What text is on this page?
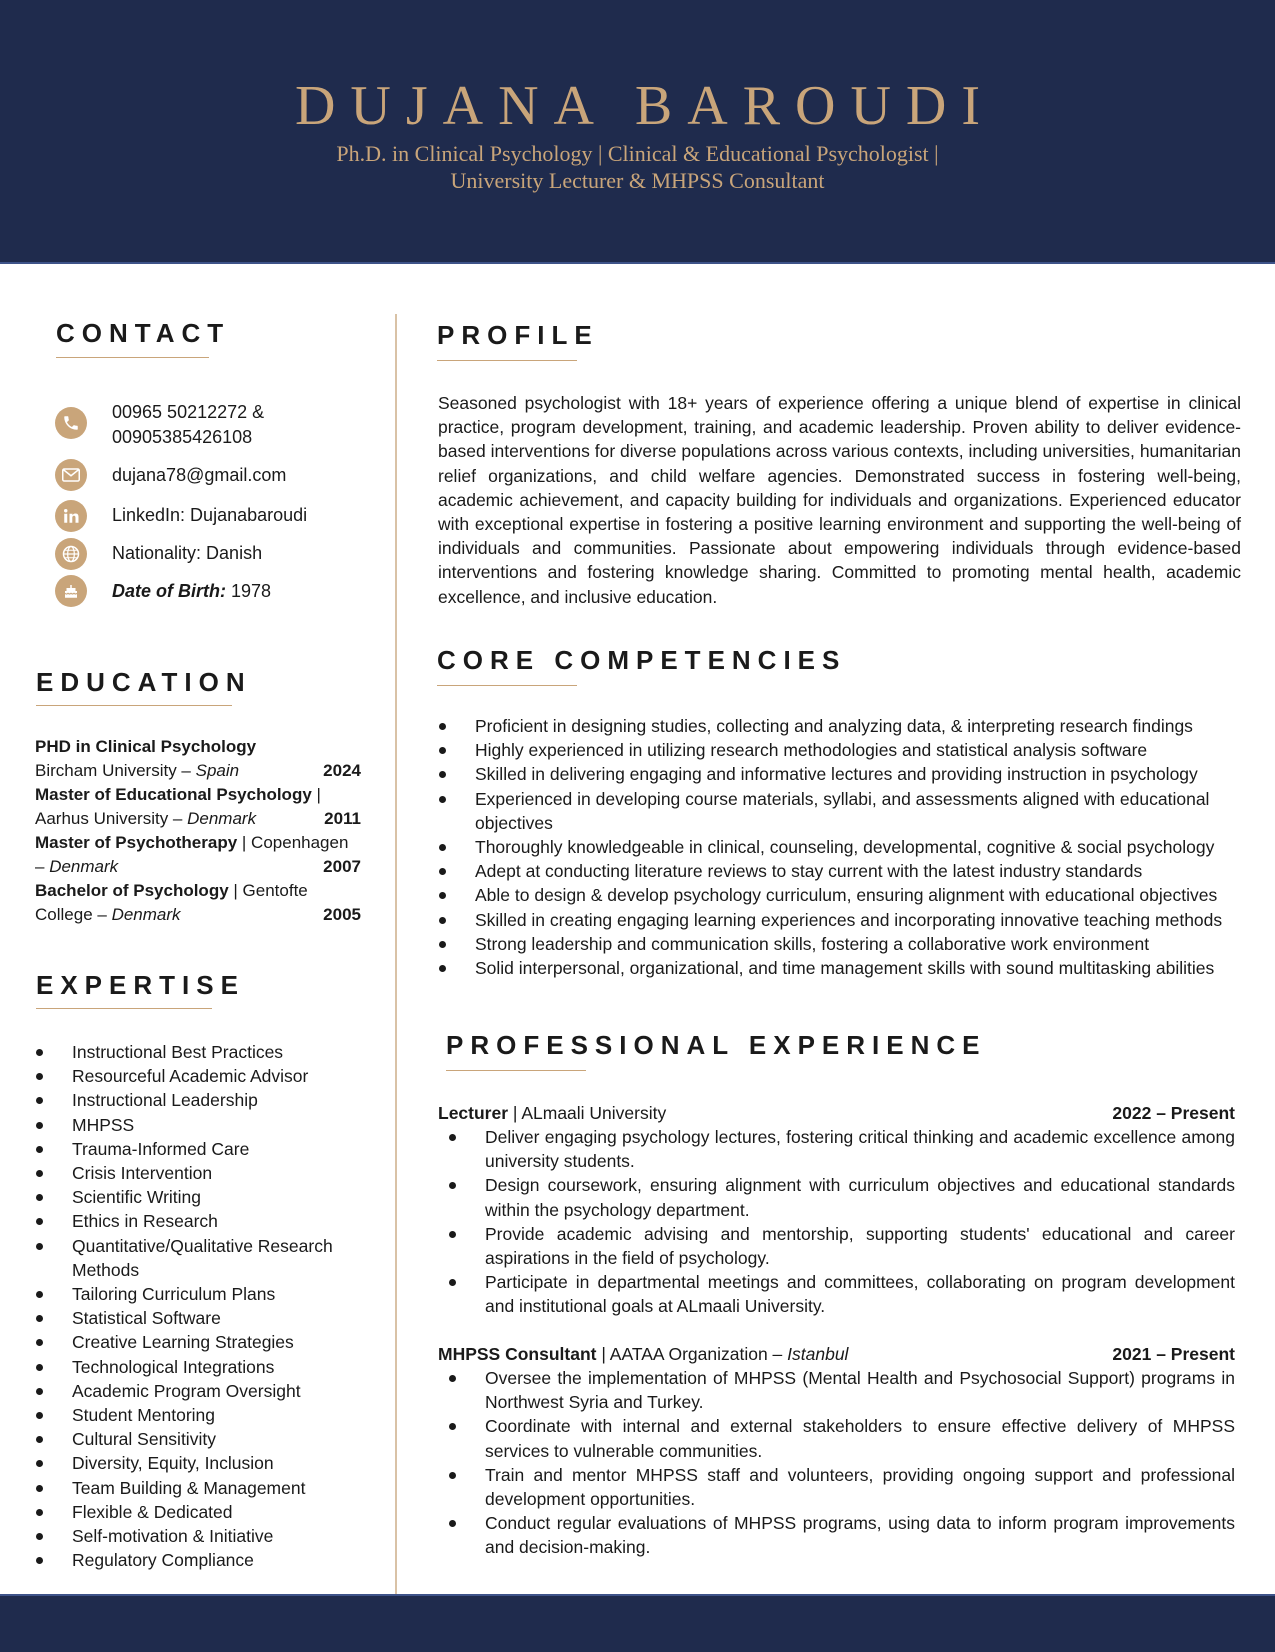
DUJANA BAROUDI
Ph.D. in Clinical Psychology | Clinical & Educational Psychologist |
University Lecturer & MHPSS Consultant
CONTACT
00965 50212272 &
00905385426108
dujana78@gmail.com
LinkedIn: Dujanabaroudi
Nationality: Danish
Date of Birth: 1978
EDUCATION
PHD in Clinical Psychology
Bircham University – Spain	2024
Master of Educational Psychology |
Aarhus University – Denmark	2011
Master of Psychotherapy | Copenhagen
– Denmark	2007
Bachelor of Psychology | Gentofte
College – Denmark	2005
EXPERTISE
Instructional Best Practices
Resourceful Academic Advisor
Instructional Leadership
MHPSS
Trauma-Informed Care
Crisis Intervention
Scientific Writing
Ethics in Research
Quantitative/Qualitative Research Methods
Tailoring Curriculum Plans
Statistical Software
Creative Learning Strategies
Technological Integrations
Academic Program Oversight
Student Mentoring
Cultural Sensitivity
Diversity, Equity, Inclusion
Team Building & Management
Flexible & Dedicated
Self-motivation & Initiative
Regulatory Compliance
PROFILE
Seasoned psychologist with 18+ years of experience offering a unique blend of expertise in clinical practice, program development, training, and academic leadership. Proven ability to deliver evidence-based interventions for diverse populations across various contexts, including universities, humanitarian relief organizations, and child welfare agencies. Demonstrated success in fostering well-being, academic achievement, and capacity building for individuals and organizations. Experienced educator with exceptional expertise in fostering a positive learning environment and supporting the well-being of individuals and communities. Passionate about empowering individuals through evidence-based interventions and fostering knowledge sharing. Committed to promoting mental health, academic excellence, and inclusive education.
CORE COMPETENCIES
Proficient in designing studies, collecting and analyzing data, & interpreting research findings
Highly experienced in utilizing research methodologies and statistical analysis software
Skilled in delivering engaging and informative lectures and providing instruction in psychology
Experienced in developing course materials, syllabi, and assessments aligned with educational objectives
Thoroughly knowledgeable in clinical, counseling, developmental, cognitive & social psychology
Adept at conducting literature reviews to stay current with the latest industry standards
Able to design & develop psychology curriculum, ensuring alignment with educational objectives
Skilled in creating engaging learning experiences and incorporating innovative teaching methods
Strong leadership and communication skills, fostering a collaborative work environment
Solid interpersonal, organizational, and time management skills with sound multitasking abilities
PROFESSIONAL EXPERIENCE
Lecturer | ALmaali University	2022 – Present
Deliver engaging psychology lectures, fostering critical thinking and academic excellence among university students.
Design coursework, ensuring alignment with curriculum objectives and educational standards within the psychology department.
Provide academic advising and mentorship, supporting students' educational and career aspirations in the field of psychology.
Participate in departmental meetings and committees, collaborating on program development and institutional goals at ALmaali University.
MHPSS Consultant | AATAA Organization – Istanbul	2021 – Present
Oversee the implementation of MHPSS (Mental Health and Psychosocial Support) programs in Northwest Syria and Turkey.
Coordinate with internal and external stakeholders to ensure effective delivery of MHPSS services to vulnerable communities.
Train and mentor MHPSS staff and volunteers, providing ongoing support and professional development opportunities.
Conduct regular evaluations of MHPSS programs, using data to inform program improvements and decision-making.
